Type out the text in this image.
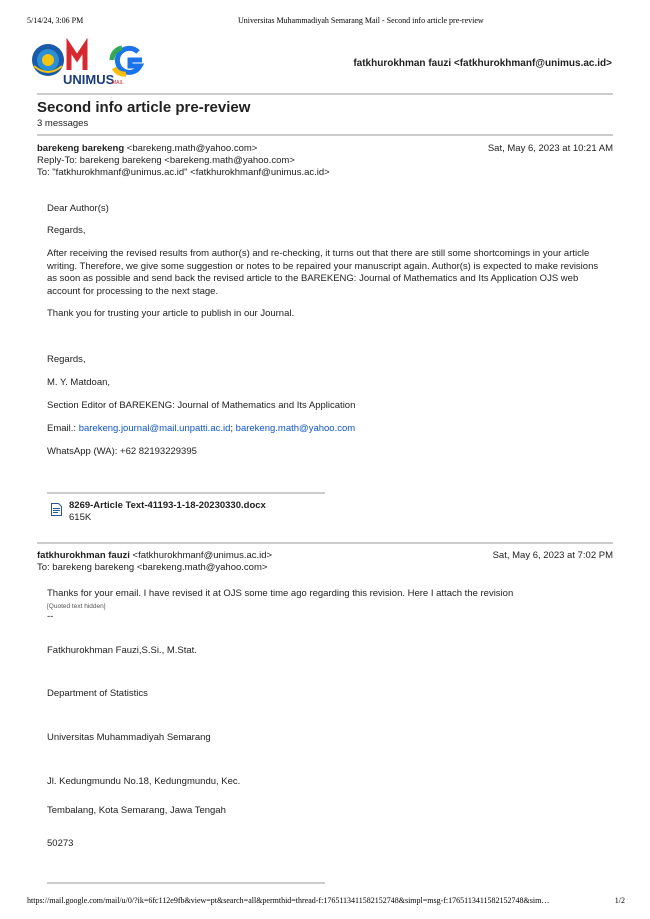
5/14/24, 3:06 PM	Universitas Muhammadiyah Semarang Mail - Second info article pre-review
UNIMUS
MAIL
fatkhurokhman fauzi <fatkhurokhmanf@unimus.ac.id>
Second info article pre-review
3 messages
barekeng barekeng <barekeng.math@yahoo.com>
Reply-To: barekeng barekeng <barekeng.math@yahoo.com>
To: "fatkhurokhmanf@unimus.ac.id" <fatkhurokhmanf@unimus.ac.id>
Sat, May 6, 2023 at 10:21 AM
Dear Author(s)
Regards,
After receiving the revised results from author(s) and re-checking, it turns out that there are still some shortcomings in your article writing. Therefore, we give some suggestion or notes to be repaired your manuscript again. Author(s) is expected to make revisions as soon as possible and send back the revised article to the BAREKENG: Journal of Mathematics and Its Application OJS web account for processing to the next stage.
Thank you for trusting your article to publish in our Journal.
Regards,
M. Y. Matdoan,
Section Editor of BAREKENG: Journal of Mathematics and Its Application
Email.: barekeng.journal@mail.unpatti.ac.id; barekeng.math@yahoo.com
WhatsApp (WA): +62 82193229395
8269-Article Text-41193-1-18-20230330.docx
615K
fatkhurokhman fauzi <fatkhurokhmanf@unimus.ac.id>
To: barekeng barekeng <barekeng.math@yahoo.com>
Sat, May 6, 2023 at 7:02 PM
Thanks for your email. I have revised it at OJS some time ago regarding this revision. Here I attach the revision
[Quoted text hidden]
--
Fatkhurokhman Fauzi,S.Si., M.Stat.
Department of Statistics
Universitas Muhammadiyah Semarang
Jl. Kedungmundu No.18, Kedungmundu, Kec.
Tembalang, Kota Semarang, Jawa Tengah
50273
https://mail.google.com/mail/u/0/?ik=6fc112e9fb&view=pt&search=all&permthid=thread-f:1765113411582152748&simpl=msg-f:1765113411582152748&sim…	1/2
